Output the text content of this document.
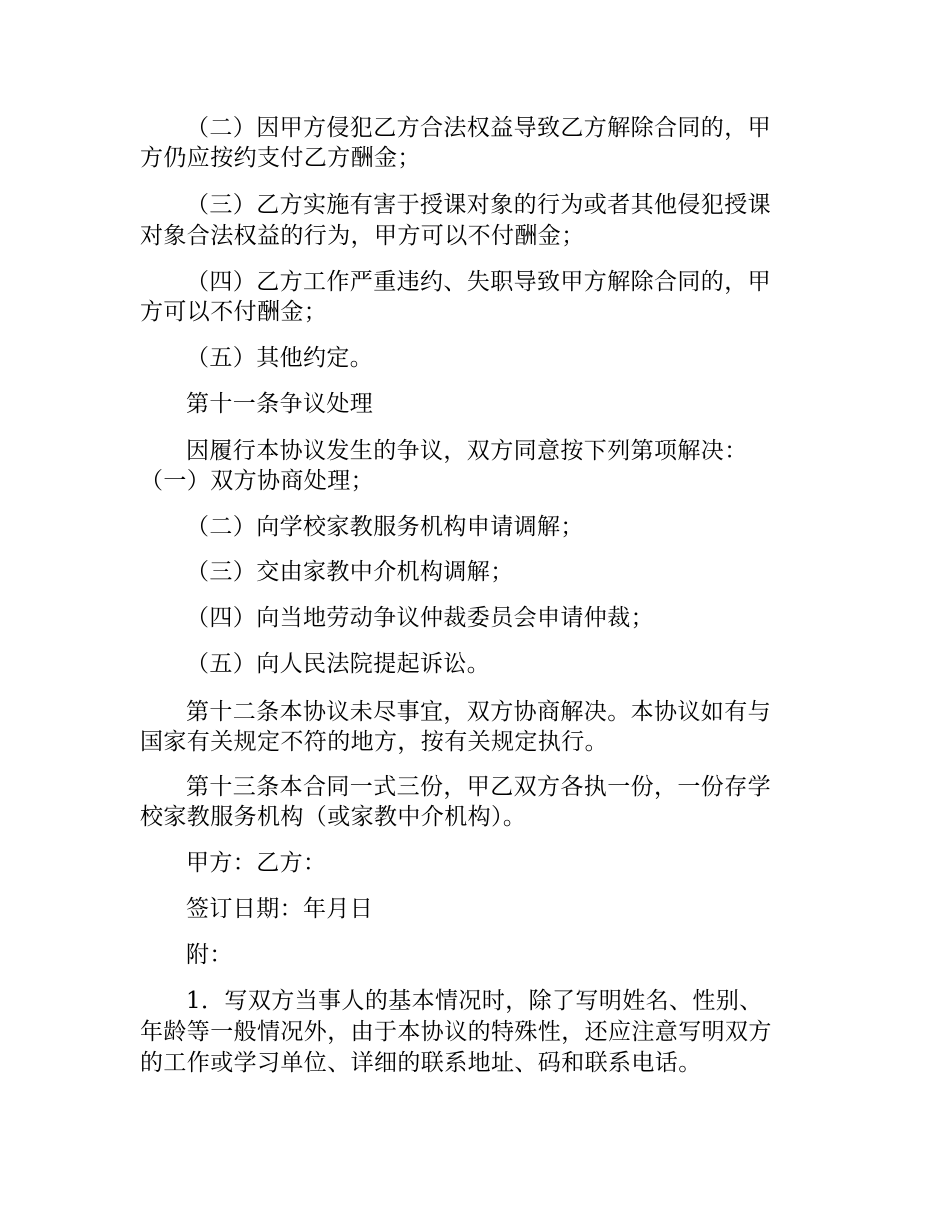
（二）因甲方侵犯乙方合法权益导致乙方解除合同的，甲
方仍应按约支付乙方酬金；
（三）乙方实施有害于授课对象的行为或者其他侵犯授课
对象合法权益的行为，甲方可以不付酬金；
（四）乙方工作严重违约、失职导致甲方解除合同的，甲
方可以不付酬金；
（五）其他约定。
第十一条争议处理
因履行本协议发生的争议，双方同意按下列第项解决：
（一）双方协商处理；
（二）向学校家教服务机构申请调解；
（三）交由家教中介机构调解；
（四）向当地劳动争议仲裁委员会申请仲裁；
（五）向人民法院提起诉讼。
第十二条本协议未尽事宜，双方协商解决。本协议如有与
国家有关规定不符的地方，按有关规定执行。
第十三条本合同一式三份，甲乙双方各执一份，一份存学
校家教服务机构（或家教中介机构）。
甲方：乙方：
签订日期：年月日
附：
1．写双方当事人的基本情况时，除了写明姓名、性别、
年龄等一般情况外，由于本协议的特殊性，还应注意写明双方
的工作或学习单位、详细的联系地址、码和联系电话。
